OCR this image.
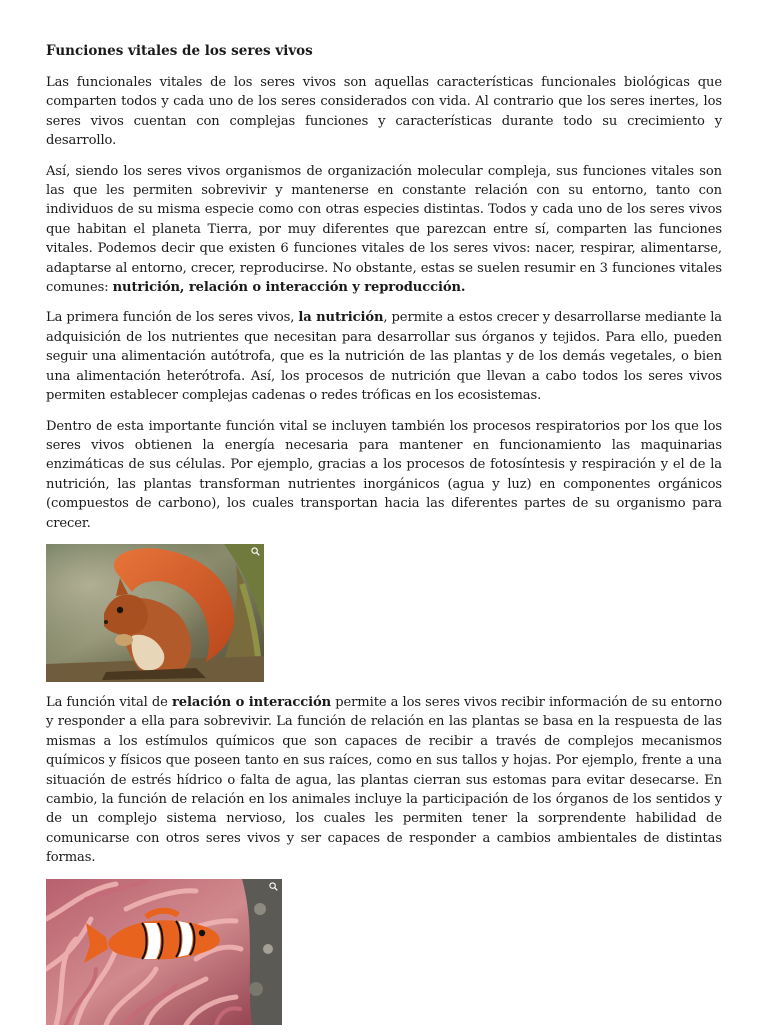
Funciones vitales de los seres vivos

Las funcionales vitales de los seres vivos son aquellas características funcionales biológicas que comparten todos y cada uno de los seres considerados con vida. Al contrario que los seres inertes, los seres vivos cuentan con complejas funciones y características durante todo su crecimiento y desarrollo.

Así, siendo los seres vivos organismos de organización molecular compleja, sus funciones vitales son las que les permiten sobrevivir y mantenerse en constante relación con su entorno, tanto con individuos de su misma especie como con otras especies distintas. Todos y cada uno de los seres vivos que habitan el planeta Tierra, por muy diferentes que parezcan entre sí, comparten las funciones vitales. Podemos decir que existen 6 funciones vitales de los seres vivos: nacer, respirar, alimentarse, adaptarse al entorno, crecer, reproducirse. No obstante, estas se suelen resumir en 3 funciones vitales comunes: nutrición, relación o interacción y reproducción.

La primera función de los seres vivos, la nutrición, permite a estos crecer y desarrollarse mediante la adquisición de los nutrientes que necesitan para desarrollar sus órganos y tejidos. Para ello, pueden seguir una alimentación autótrofa, que es la nutrición de las plantas y de los demás vegetales, o bien una alimentación heterótrofa. Así, los procesos de nutrición que llevan a cabo todos los seres vivos permiten establecer complejas cadenas o redes tróficas en los ecosistemas.

Dentro de esta importante función vital se incluyen también los procesos respiratorios por los que los seres vivos obtienen la energía necesaria para mantener en funcionamiento las maquinarias enzimáticas de sus células. Por ejemplo, gracias a los procesos de fotosíntesis y respiración y el de la nutrición, las plantas transforman nutrientes inorgánicos (agua y luz) en componentes orgánicos (compuestos de carbono), los cuales transportan hacia las diferentes partes de su organismo para crecer.

La función vital de relación o interacción permite a los seres vivos recibir información de su entorno y responder a ella para sobrevivir. La función de relación en las plantas se basa en la respuesta de las mismas a los estímulos químicos que son capaces de recibir a través de complejos mecanismos químicos y físicos que poseen tanto en sus raíces, como en sus tallos y hojas. Por ejemplo, frente a una situación de estrés hídrico o falta de agua, las plantas cierran sus estomas para evitar desecarse. En cambio, la función de relación en los animales incluye la participación de los órganos de los sentidos y de un complejo sistema nervioso, los cuales les permiten tener la sorprendente habilidad de comunicarse con otros seres vivos y ser capaces de responder a cambios ambientales de distintas formas.
